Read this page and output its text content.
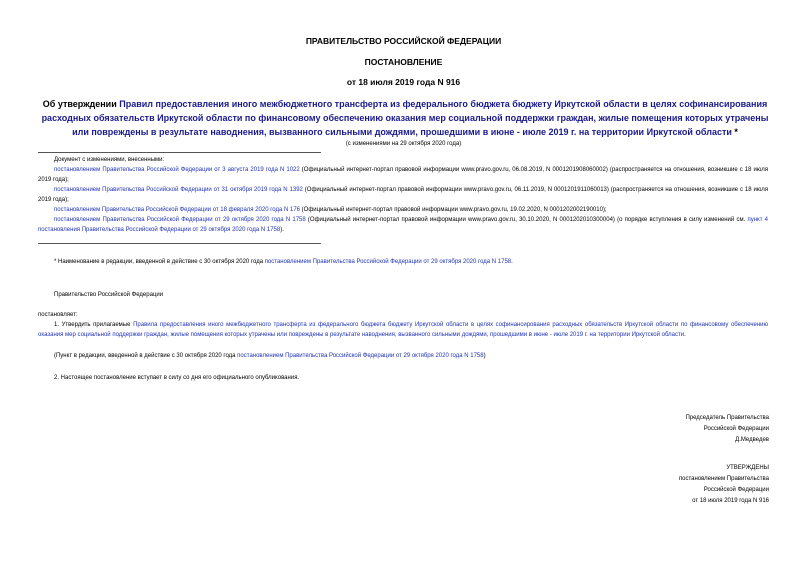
ПРАВИТЕЛЬСТВО РОССИЙСКОЙ ФЕДЕРАЦИИ
ПОСТАНОВЛЕНИЕ
от 18 июля 2019 года N 916
Об утверждении Правил предоставления иного межбюджетного трансферта из федерального бюджета бюджету Иркутской области в целях софинансирования расходных обязательств Иркутской области по финансовому обеспечению оказания мер социальной поддержки граждан, жилые помещения которых утрачены или повреждены в результате наводнения, вызванного сильными дождями, прошедшими в июне - июле 2019 г. на территории Иркутской области *
(с изменениями на 29 октября 2020 года)
Документ с изменениями, внесенными:
постановлением Правительства Российской Федерации от 3 августа 2019 года N 1022 (Официальный интернет-портал правовой информации www.pravo.gov.ru, 06.08.2019, N 0001201908060002) (распространяется на отношения, возникшие с 18 июля 2019 года);
постановлением Правительства Российской Федерации от 31 октября 2019 года N 1392 (Официальный интернет-портал правовой информации www.pravo.gov.ru, 06.11.2019, N 0001201911060013) (распространяется на отношения, возникшие с 18 июля 2019 года);
постановлением Правительства Российской Федерации от 18 февраля 2020 года N 176 (Официальный интернет-портал правовой информации www.pravo.gov.ru, 19.02.2020, N 0001202002190010);
постановлением Правительства Российской Федерации от 29 октября 2020 года N 1758 (Официальный интернет-портал правовой информации www.pravo.gov.ru, 30.10.2020, N 0001202010300004) (о порядке вступления в силу изменений см. пункт 4 постановления Правительства Российской Федерации от 29 октября 2020 года N 1758).
* Наименование в редакции, введенной в действие с 30 октября 2020 года постановлением Правительства Российской Федерации от 29 октября 2020 года N 1758.
Правительство Российской Федерации
постановляет:
1. Утвердить прилагаемые Правила предоставления иного межбюджетного трансферта из федерального бюджета бюджету Иркутской области в целях софинансирования расходных обязательств Иркутской области по финансовому обеспечению оказания мер социальной поддержки граждан, жилые помещения которых утрачены или повреждены в результате наводнения, вызванного сильными дождями, прошедшими в июне - июле 2019 г. на территории Иркутской области.
(Пункт в редакции, введенной в действие с 30 октября 2020 года постановлением Правительства Российской Федерации от 29 октября 2020 года N 1758)
2. Настоящее постановление вступает в силу со дня его официального опубликования.
Председатель Правительства
Российской Федерации
Д.Медведев
УТВЕРЖДЕНЫ
постановлением Правительства
Российской Федерации
от 18 июля 2019 года N 916
